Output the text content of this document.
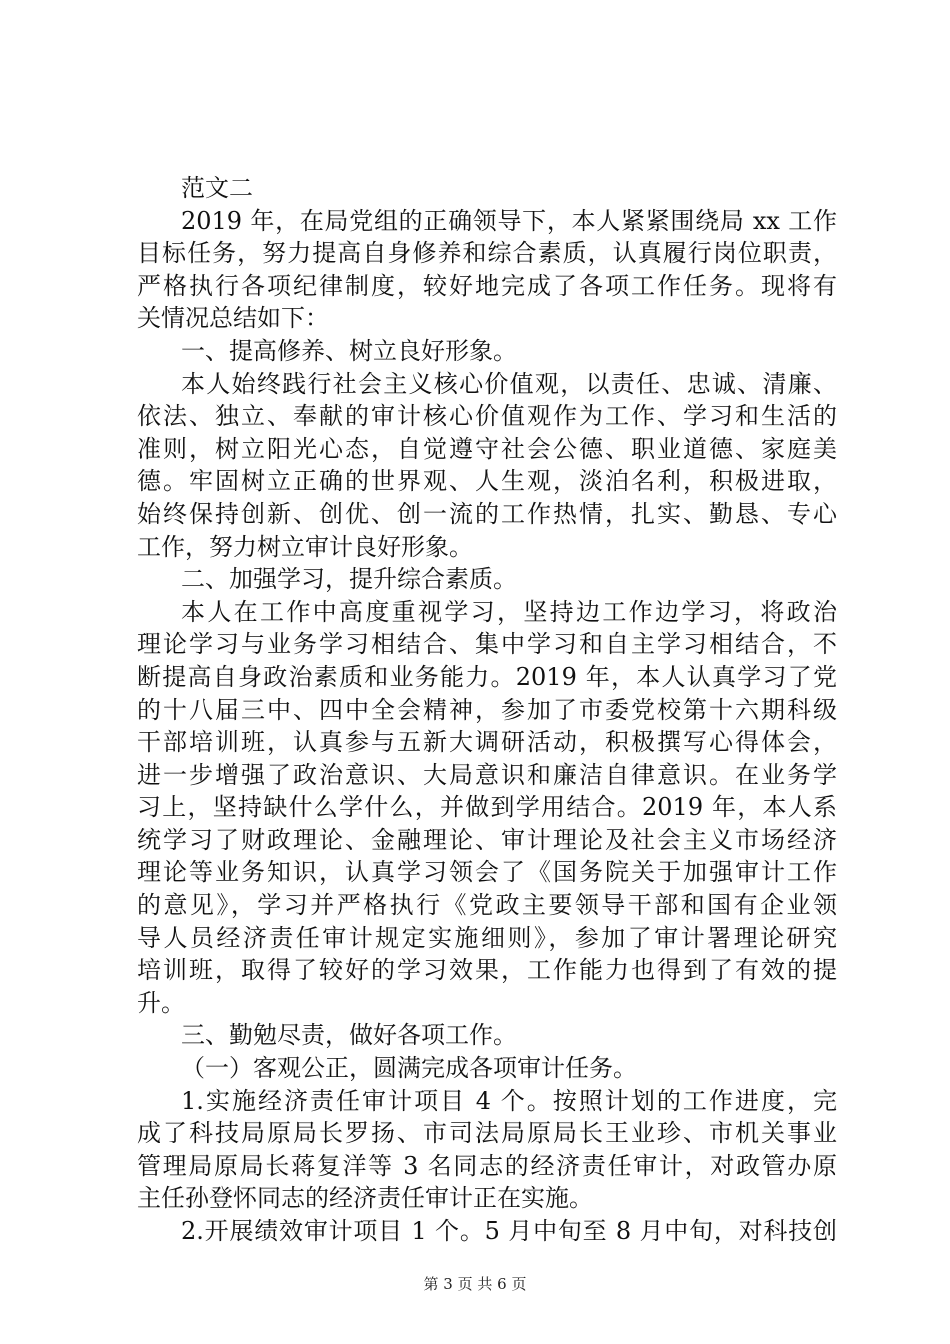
范文二
2019 年，在局党组的正确领导下，本人紧紧围绕局 xx 工作
目标任务，努力提高自身修养和综合素质，认真履行岗位职责，
严格执行各项纪律制度，较好地完成了各项工作任务。现将有
关情况总结如下：
一、提高修养、树立良好形象。
本人始终践行社会主义核心价值观，以责任、忠诚、清廉、
依法、独立、奉献的审计核心价值观作为工作、学习和生活的
准则，树立阳光心态，自觉遵守社会公德、职业道德、家庭美
德。牢固树立正确的世界观、人生观，淡泊名利，积极进取，
始终保持创新、创优、创一流的工作热情，扎实、勤恳、专心
工作，努力树立审计良好形象。
二、加强学习，提升综合素质。
本人在工作中高度重视学习，坚持边工作边学习，将政治
理论学习与业务学习相结合、集中学习和自主学习相结合，不
断提高自身政治素质和业务能力。2019 年，本人认真学习了党
的十八届三中、四中全会精神，参加了市委党校第十六期科级
干部培训班，认真参与五新大调研活动，积极撰写心得体会，
进一步增强了政治意识、大局意识和廉洁自律意识。在业务学
习上，坚持缺什么学什么，并做到学用结合。2019 年，本人系
统学习了财政理论、金融理论、审计理论及社会主义市场经济
理论等业务知识，认真学习领会了《国务院关于加强审计工作
的意见》，学习并严格执行《党政主要领导干部和国有企业领
导人员经济责任审计规定实施细则》，参加了审计署理论研究
培训班，取得了较好的学习效果，工作能力也得到了有效的提
升。
三、勤勉尽责，做好各项工作。
（一）客观公正，圆满完成各项审计任务。
1.实施经济责任审计项目 4 个。按照计划的工作进度，完
成了科技局原局长罗扬、市司法局原局长王业珍、市机关事业
管理局原局长蒋复洋等 3 名同志的经济责任审计，对政管办原
主任孙登怀同志的经济责任审计正在实施。
2.开展绩效审计项目 1 个。5 月中旬至 8 月中旬，对科技创
第 3 页 共 6 页
